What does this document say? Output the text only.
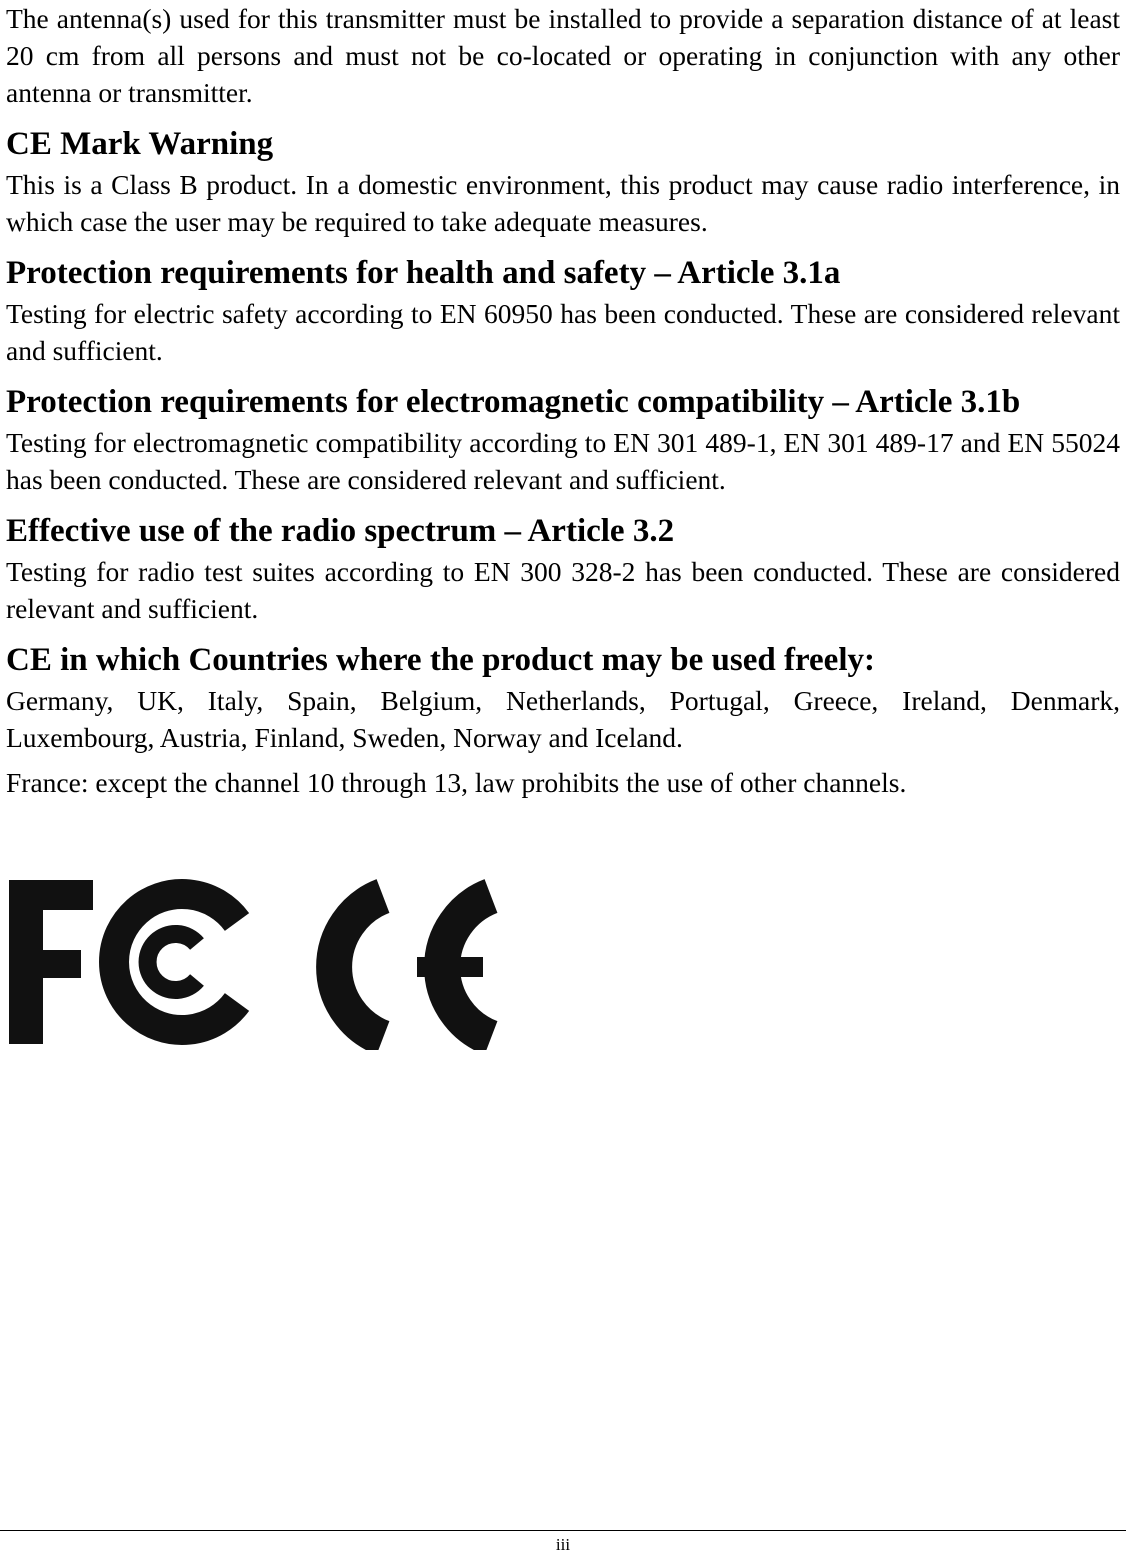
The antenna(s) used for this transmitter must be installed to provide a separation distance of at least 20 cm from all persons and must not be co-located or operating in conjunction with any other antenna or transmitter.

CE Mark Warning

This is a Class B product. In a domestic environment, this product may cause radio interference, in which case the user may be required to take adequate measures.

Protection requirements for health and safety – Article 3.1a

Testing for electric safety according to EN 60950 has been conducted. These are considered relevant and sufficient.

Protection requirements for electromagnetic compatibility – Article 3.1b

Testing for electromagnetic compatibility according to EN 301 489-1, EN 301 489-17 and EN 55024 has been conducted. These are considered relevant and sufficient.

Effective use of the radio spectrum – Article 3.2

Testing for radio test suites according to EN 300 328-2 has been conducted. These are considered relevant and sufficient.

CE in which Countries where the product may be used freely:

Germany, UK, Italy, Spain, Belgium, Netherlands, Portugal, Greece, Ireland, Denmark, Luxembourg, Austria, Finland, Sweden, Norway and Iceland.

France: except the channel 10 through 13, law prohibits the use of other channels.

iii
